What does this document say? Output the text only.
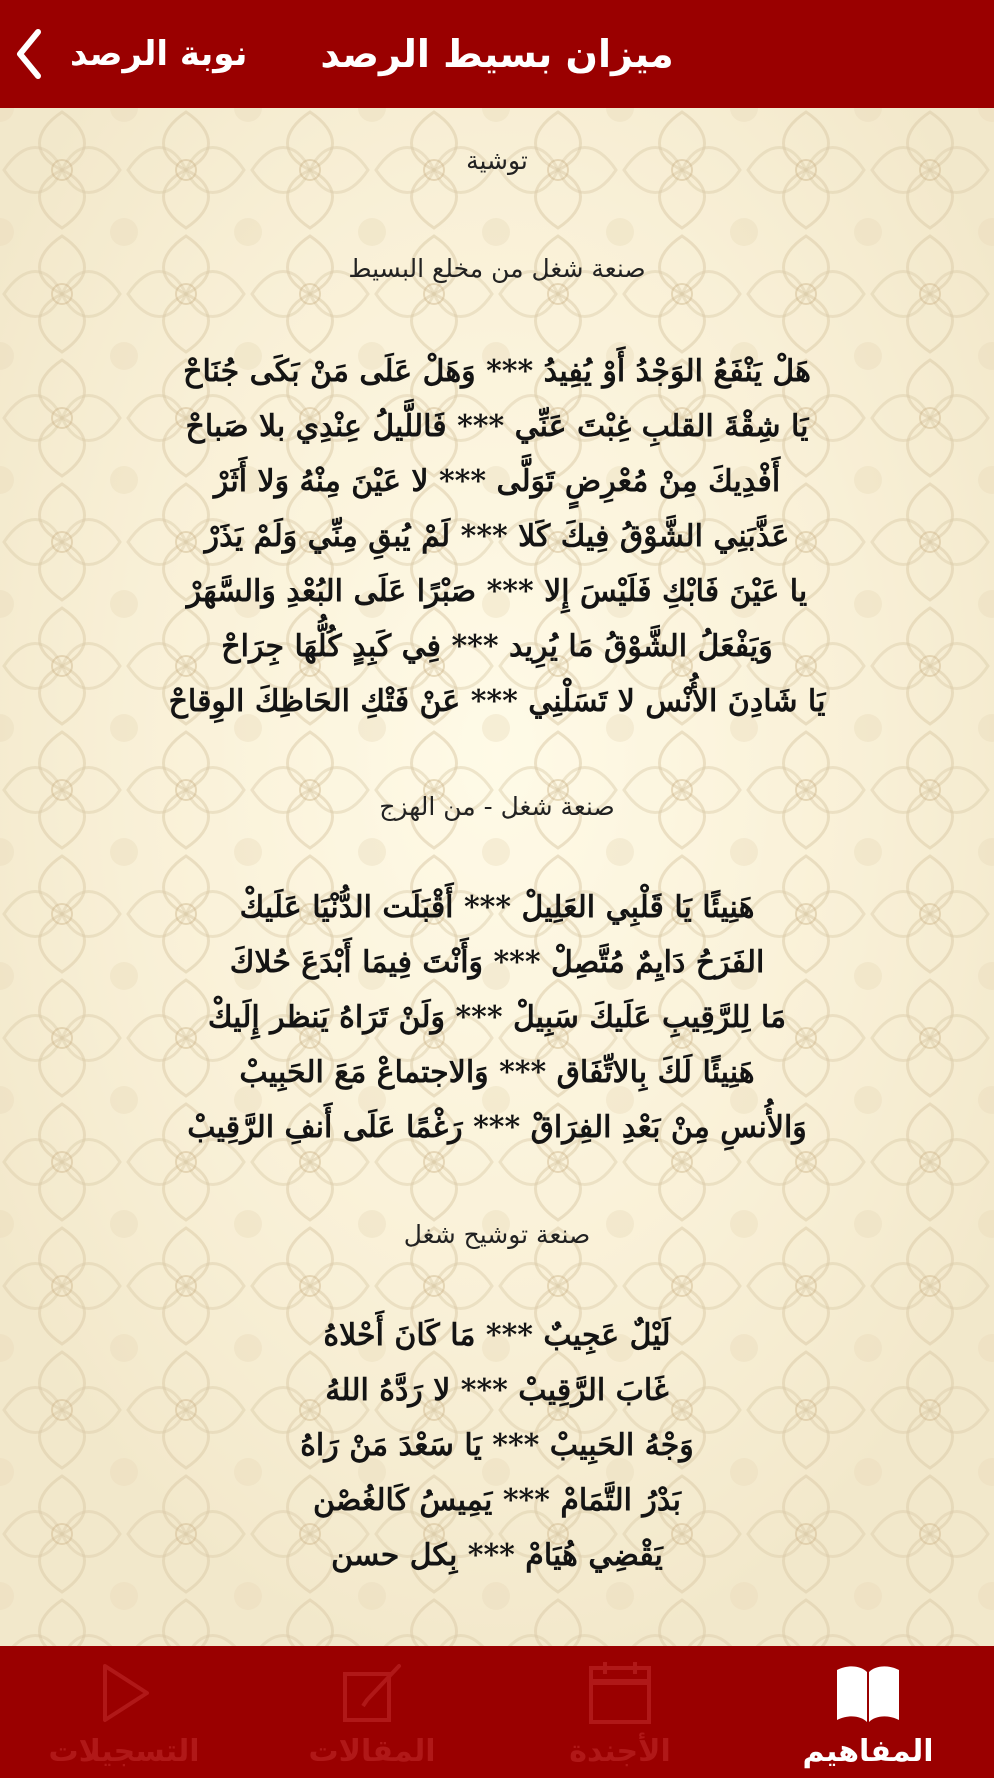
نوبة الرصد	ميزان بسيط الرصد
توشية
صنعة شغل من مخلع البسيط
هَلْ يَنْفَعُ الوَجْدُ أَوْ يُفِيدُ *** وَهَلْ عَلَى مَنْ بَكَى جُنَاحْ
يَا شِقْةَ القلبِ غِبْتَ عَنِّي *** فَاللَّيلُ عِنْدِي بلا صَباحْ
أَفْدِيكَ مِنْ مُعْرِضٍ تَوَلَّى *** لا عَيْنَ مِنْهُ وَلا أَثَرْ
عَذَّبَنِي الشَّوْقُ فِيكَ كَلا *** لَمْ يُبقِ مِنِّي وَلَمْ يَذَرْ
يا عَيْنَ فَابْكِ فَلَيْسَ إِلا *** صَبْرًا عَلَى البُعْدِ وَالسَّهَرْ
وَيَفْعَلُ الشَّوْقُ مَا يُرِيد *** فِي كَبِدٍ كُلُّهَا جِرَاحْ
يَا شَادِنَ الأُنْس لا تَسَلْنِي *** عَنْ فَتْكِ الحَاظِكَ الوِقاحْ
صنعة شغل - من الهزج
هَنِيئًا يَا قَلْبِي العَلِيلْ *** أَقْبَلَت الدُّنْيَا عَلَيكْ
الفَرَحُ دَايِمٌ مُتَّصِلْ *** وَأَنْتَ فِيمَا أَبْدَعَ حُلاكَ
مَا لِلرَّقِيبِ عَلَيكَ سَبِيلْ *** وَلَنْ تَرَاهُ يَنظر إِلَيكْ
هَنِيئًا لَكَ بِالاتِّفَاق *** وَالاجتماعْ مَعَ الحَبِيبْ
وَالأُنسِ مِنْ بَعْدِ الفِرَاقْ *** رَغْمًا عَلَى أَنفِ الرَّقِيبْ
صنعة توشيح شغل
لَيْلٌ عَجِيبٌ *** مَا كَانَ أَحْلاهُ
غَابَ الرَّقِيبْ *** لا رَدَّهُ اللهُ
وَجْهُ الحَبِيبْ *** يَا سَعْدَ مَنْ رَاهُ
بَدْرُ التَّمَامْ *** يَمِيسُ كَالغُصْن
يَقْضِي هُيَامْ *** بِكل حسن
التسجيلات	المقالات	الأجندة	المفاهيم
